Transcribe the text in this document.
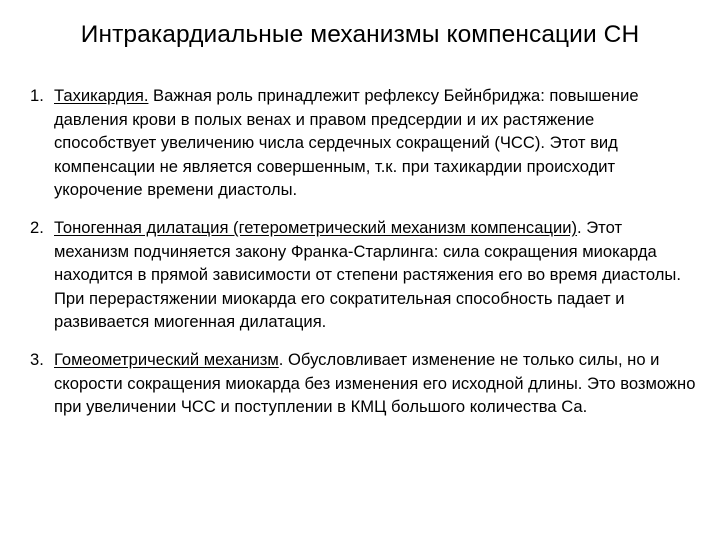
Интракардиальные механизмы компенсации СН
1. Тахикардия. Важная роль принадлежит рефлексу Бейнбриджа: повышение давления крови в полых венах и правом предсердии и их растяжение способствует увеличению числа сердечных сокращений (ЧСС). Этот вид компенсации не является совершенным, т.к. при тахикардии происходит укорочение времени диастолы.
2. Тоногенная дилатация (гетерометрический механизм компенсации). Этот механизм подчиняется закону Франка-Старлинга: сила сокращения миокарда находится в прямой зависимости от степени растяжения его во время диастолы. При перерастяжении миокарда его сократительная способность падает и развивается миогенная дилатация.
3. Гомеометрический механизм. Обусловливает изменение не только силы, но и скорости сокращения миокарда без изменения его исходной длины. Это возможно при увеличении ЧСС и поступлении в КМЦ большого количества Са.
